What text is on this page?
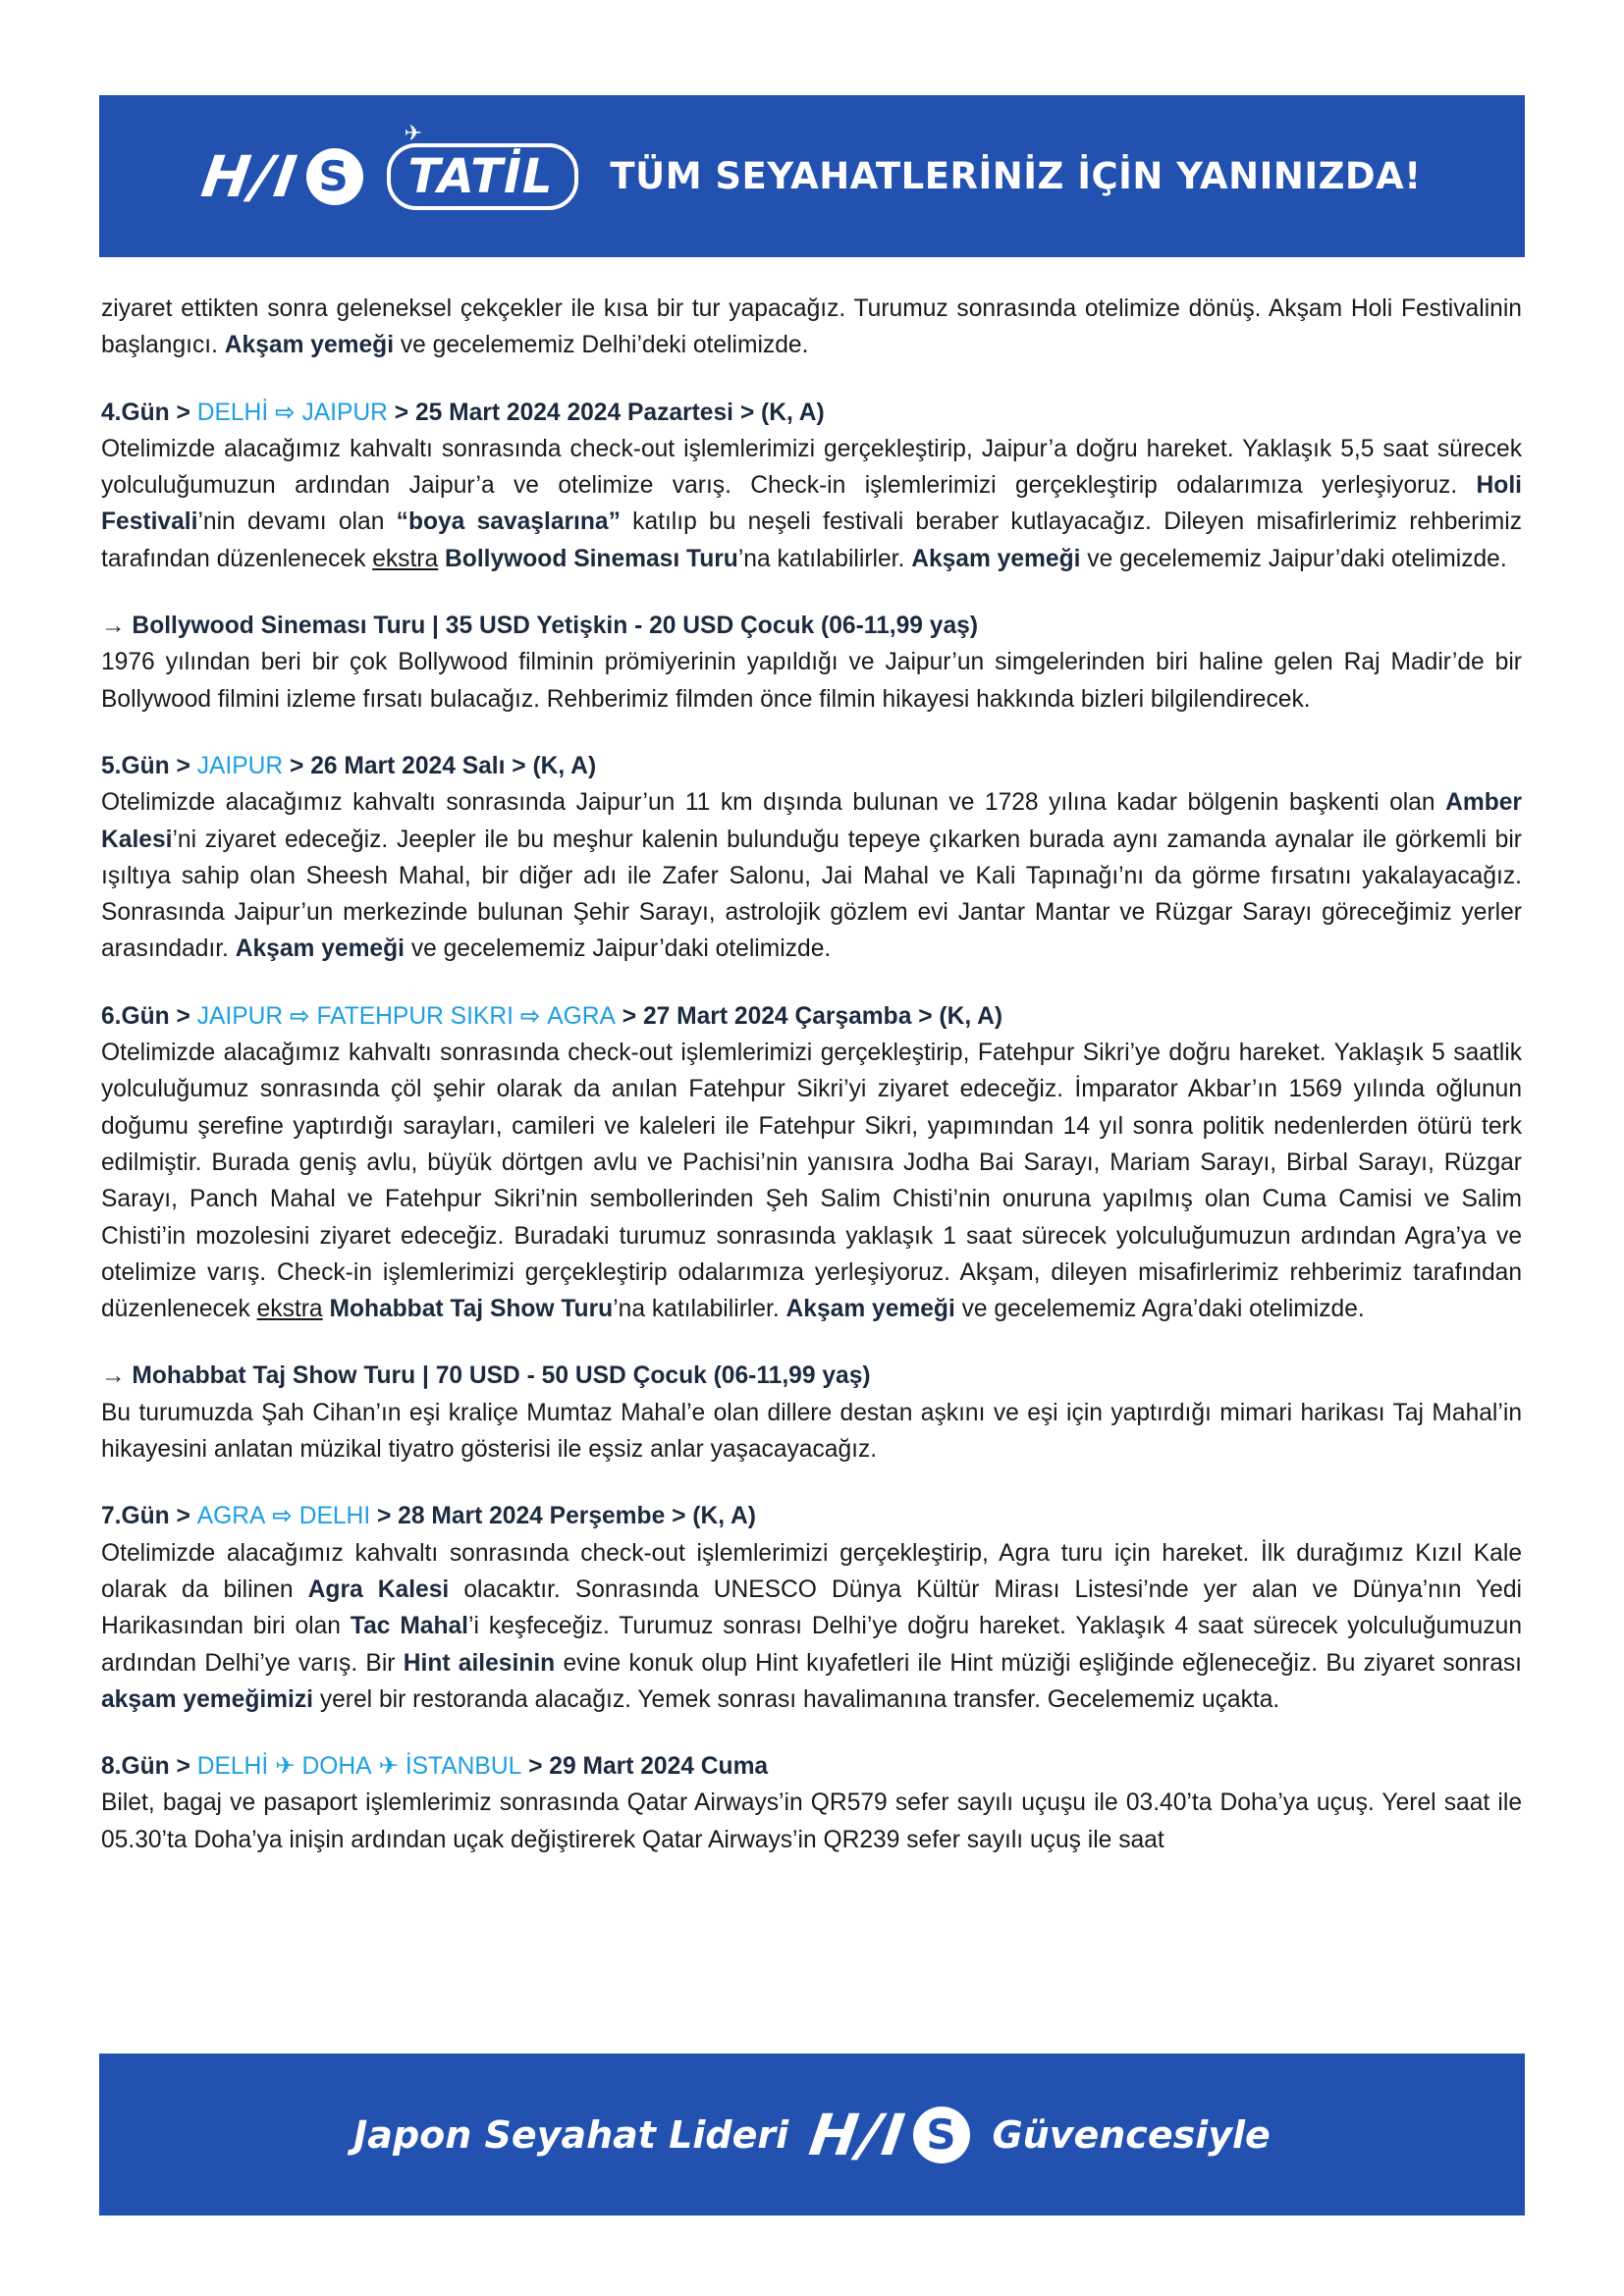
H/I S
✈
TATİL	TÜM SEYAHATLERİNİZ İÇİN YANINIZDA!

ziyaret ettikten sonra geleneksel çekçekler ile kısa bir tur yapacağız. Turumuz sonrasında otelimize dönüş. Akşam Holi Festivalinin başlangıcı. Akşam yemeği ve gecelememiz Delhi’deki otelimizde.

4.Gün > DELHİ ⇨ JAIPUR > 25 Mart 2024 2024 Pazartesi > (K, A)

Otelimizde alacağımız kahvaltı sonrasında check-out işlemlerimizi gerçekleştirip, Jaipur’a doğru hareket. Yaklaşık 5,5 saat sürecek yolculuğumuzun ardından Jaipur’a ve otelimize varış. Check-in işlemlerimizi gerçekleştirip odalarımıza yerleşiyoruz. Holi Festivali’nin devamı olan “boya savaşlarına” katılıp bu neşeli festivali beraber kutlayacağız. Dileyen misafirlerimiz rehberimiz tarafından düzenlenecek ekstra Bollywood Sineması Turu’na katılabilirler. Akşam yemeği ve gecelememiz Jaipur’daki otelimizde.

→ Bollywood Sineması Turu | 35 USD Yetişkin - 20 USD Çocuk (06-11,99 yaş)

1976 yılından beri bir çok Bollywood filminin prömiyerinin yapıldığı ve Jaipur’un simgelerinden biri haline gelen Raj Madir’de bir Bollywood filmini izleme fırsatı bulacağız. Rehberimiz filmden önce filmin hikayesi hakkında bizleri bilgilendirecek.

5.Gün > JAIPUR > 26 Mart 2024 Salı > (K, A)

Otelimizde alacağımız kahvaltı sonrasında Jaipur’un 11 km dışında bulunan ve 1728 yılına kadar bölgenin başkenti olan Amber Kalesi’ni ziyaret edeceğiz. Jeepler ile bu meşhur kalenin bulunduğu tepeye çıkarken burada aynı zamanda aynalar ile görkemli bir ışıltıya sahip olan Sheesh Mahal, bir diğer adı ile Zafer Salonu, Jai Mahal ve Kali Tapınağı’nı da görme fırsatını yakalayacağız. Sonrasında Jaipur’un merkezinde bulunan Şehir Sarayı, astrolojik gözlem evi Jantar Mantar ve Rüzgar Sarayı göreceğimiz yerler arasındadır. Akşam yemeği ve gecelememiz Jaipur’daki otelimizde.

6.Gün > JAIPUR ⇨ FATEHPUR SIKRI ⇨ AGRA > 27 Mart 2024 Çarşamba > (K, A)

Otelimizde alacağımız kahvaltı sonrasında check-out işlemlerimizi gerçekleştirip, Fatehpur Sikri’ye doğru hareket. Yaklaşık 5 saatlik yolculuğumuz sonrasında çöl şehir olarak da anılan Fatehpur Sikri’yi ziyaret edeceğiz. İmparator Akbar’ın 1569 yılında oğlunun doğumu şerefine yaptırdığı sarayları, camileri ve kaleleri ile Fatehpur Sikri, yapımından 14 yıl sonra politik nedenlerden ötürü terk edilmiştir. Burada geniş avlu, büyük dörtgen avlu ve Pachisi’nin yanısıra Jodha Bai Sarayı, Mariam Sarayı, Birbal Sarayı, Rüzgar Sarayı, Panch Mahal ve Fatehpur Sikri’nin sembollerinden Şeh Salim Chisti’nin onuruna yapılmış olan Cuma Camisi ve Salim Chisti’in mozolesini ziyaret edeceğiz. Buradaki turumuz sonrasında yaklaşık 1 saat sürecek yolculuğumuzun ardından Agra’ya ve otelimize varış. Check-in işlemlerimizi gerçekleştirip odalarımıza yerleşiyoruz. Akşam, dileyen misafirlerimiz rehberimiz tarafından düzenlenecek ekstra Mohabbat Taj Show Turu’na katılabilirler. Akşam yemeği ve gecelememiz Agra’daki otelimizde.

→ Mohabbat Taj Show Turu | 70 USD - 50 USD Çocuk (06-11,99 yaş)

Bu turumuzda Şah Cihan’ın eşi kraliçe Mumtaz Mahal’e olan dillere destan aşkını ve eşi için yaptırdığı mimari harikası Taj Mahal’in hikayesini anlatan müzikal tiyatro gösterisi ile eşsiz anlar yaşacayacağız.

7.Gün > AGRA ⇨ DELHI > 28 Mart 2024 Perşembe > (K, A)

Otelimizde alacağımız kahvaltı sonrasında check-out işlemlerimizi gerçekleştirip, Agra turu için hareket. İlk durağımız Kızıl Kale olarak da bilinen Agra Kalesi olacaktır. Sonrasında UNESCO Dünya Kültür Mirası Listesi’nde yer alan ve Dünya’nın Yedi Harikasından biri olan Tac Mahal’i keşfeceğiz. Turumuz sonrası Delhi’ye doğru hareket. Yaklaşık 4 saat sürecek yolculuğumuzun ardından Delhi’ye varış. Bir Hint ailesinin evine konuk olup Hint kıyafetleri ile Hint müziği eşliğinde eğleneceğiz. Bu ziyaret sonrası akşam yemeğimizi yerel bir restoranda alacağız. Yemek sonrası havalimanına transfer. Gecelememiz uçakta.

8.Gün > DELHİ ✈ DOHA ✈ İSTANBUL > 29 Mart 2024 Cuma

Bilet, bagaj ve pasaport işlemlerimiz sonrasında Qatar Airways’in QR579 sefer sayılı uçuşu ile 03.40’ta Doha’ya uçuş. Yerel saat ile 05.30’ta Doha’ya inişin ardından uçak değiştirerek Qatar Airways’in QR239 sefer sayılı uçuş ile saat

Japon Seyahat Lideri H/I S Güvencesiyle
